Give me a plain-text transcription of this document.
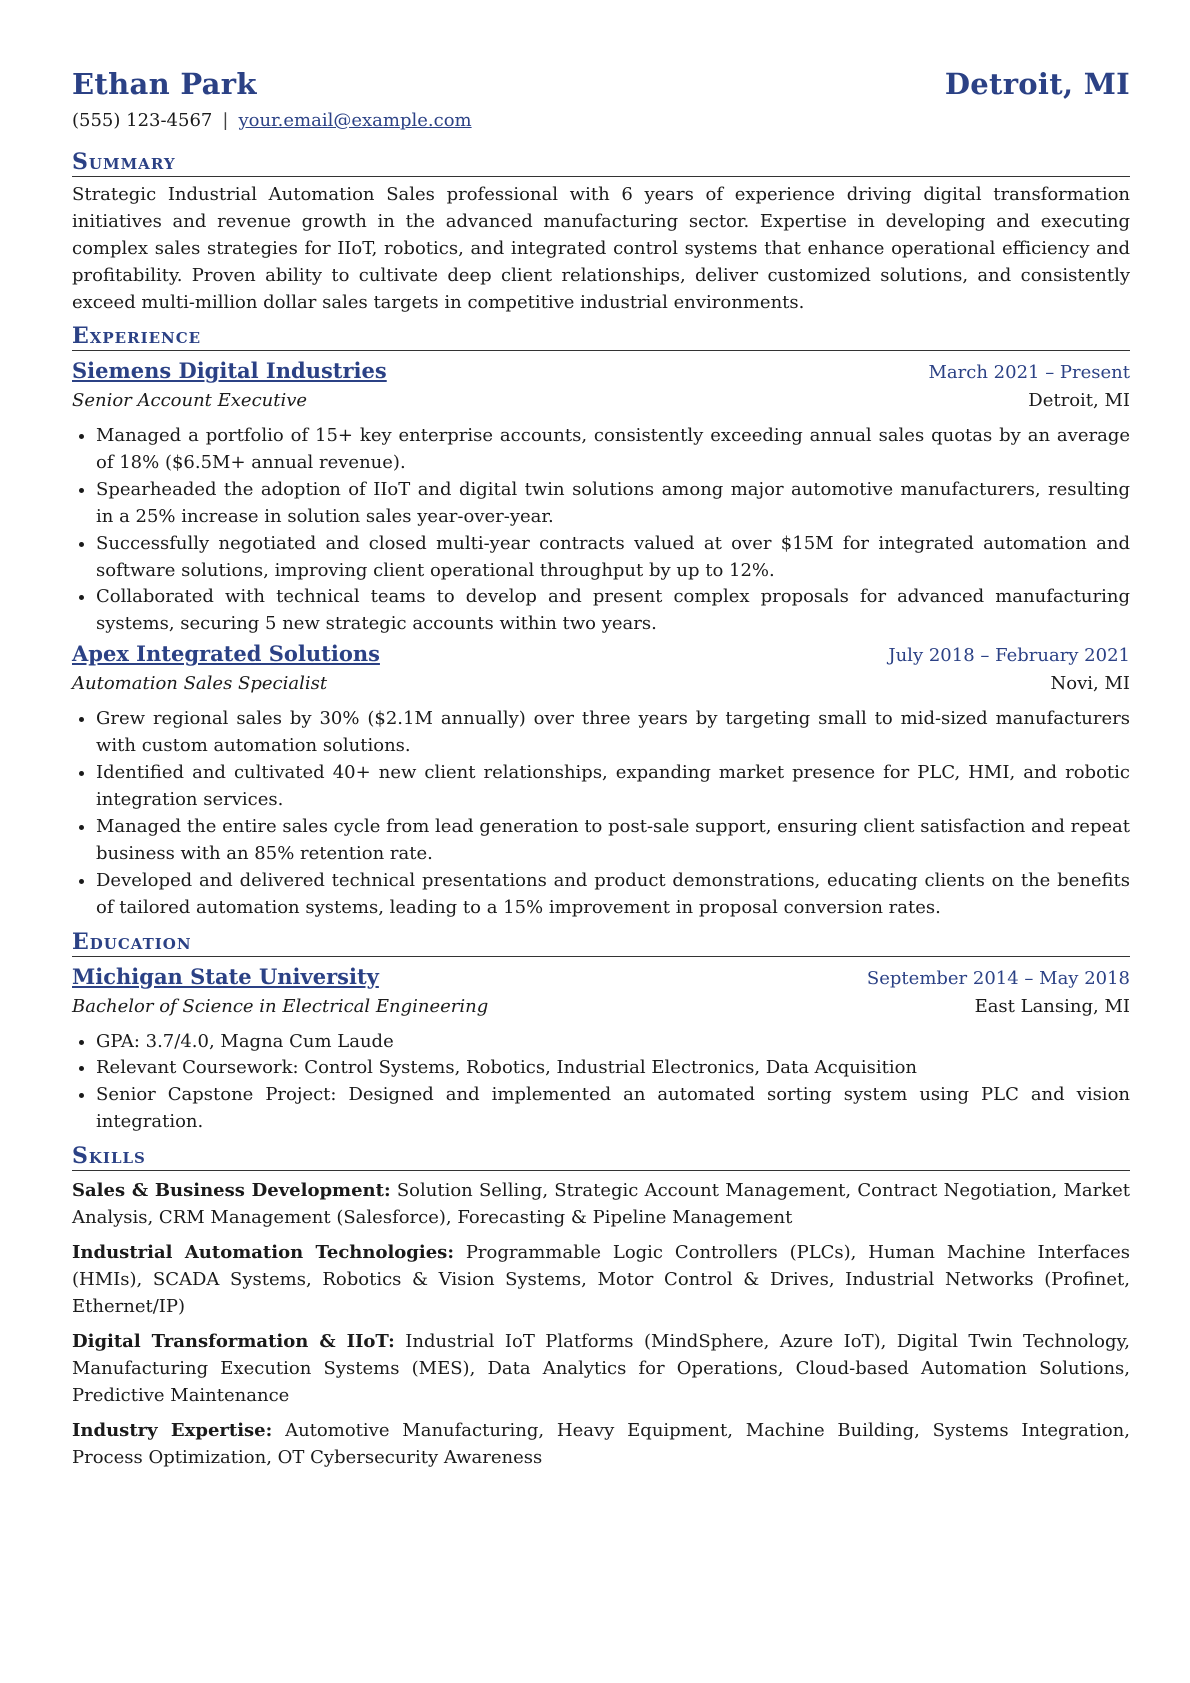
Ethan Park	Detroit, MI
(555) 123-4567 | your.email@example.com
Summary
Strategic Industrial Automation Sales professional with 6 years of experience driving digital transformation initiatives and revenue growth in the advanced manufacturing sector. Expertise in developing and executing complex sales strategies for IIoT, robotics, and integrated control systems that enhance operational efficiency and profitability. Proven ability to cultivate deep client relationships, deliver customized solutions, and consistently exceed multi-million dollar sales targets in competitive industrial environments.
Experience
Siemens Digital Industries	March 2021 – Present
Senior Account Executive	Detroit, MI
• Managed a portfolio of 15+ key enterprise accounts, consistently exceeding annual sales quotas by an average of 18% ($6.5M+ annual revenue).
• Spearheaded the adoption of IIoT and digital twin solutions among major automotive manufacturers, resulting in a 25% increase in solution sales year-over-year.
• Successfully negotiated and closed multi-year contracts valued at over $15M for integrated automation and software solutions, improving client operational throughput by up to 12%.
• Collaborated with technical teams to develop and present complex proposals for advanced manufacturing systems, securing 5 new strategic accounts within two years.
Apex Integrated Solutions	July 2018 – February 2021
Automation Sales Specialist	Novi, MI
• Grew regional sales by 30% ($2.1M annually) over three years by targeting small to mid-sized manufacturers with custom automation solutions.
• Identified and cultivated 40+ new client relationships, expanding market presence for PLC, HMI, and robotic integration services.
• Managed the entire sales cycle from lead generation to post-sale support, ensuring client satisfaction and repeat business with an 85% retention rate.
• Developed and delivered technical presentations and product demonstrations, educating clients on the benefits of tailored automation systems, leading to a 15% improvement in proposal conversion rates.
Education
Michigan State University	September 2014 – May 2018
Bachelor of Science in Electrical Engineering	East Lansing, MI
• GPA: 3.7/4.0, Magna Cum Laude
• Relevant Coursework: Control Systems, Robotics, Industrial Electronics, Data Acquisition
• Senior Capstone Project: Designed and implemented an automated sorting system using PLC and vision integration.
Skills
Sales & Business Development: Solution Selling, Strategic Account Management, Contract Negotiation, Market Analysis, CRM Management (Salesforce), Forecasting & Pipeline Management
Industrial Automation Technologies: Programmable Logic Controllers (PLCs), Human Machine Interfaces (HMIs), SCADA Systems, Robotics & Vision Systems, Motor Control & Drives, Industrial Networks (Profinet, Ethernet/IP)
Digital Transformation & IIoT: Industrial IoT Platforms (MindSphere, Azure IoT), Digital Twin Technology, Manufacturing Execution Systems (MES), Data Analytics for Operations, Cloud-based Automation Solutions, Predictive Maintenance
Industry Expertise: Automotive Manufacturing, Heavy Equipment, Machine Building, Systems Integration, Process Optimization, OT Cybersecurity Awareness
